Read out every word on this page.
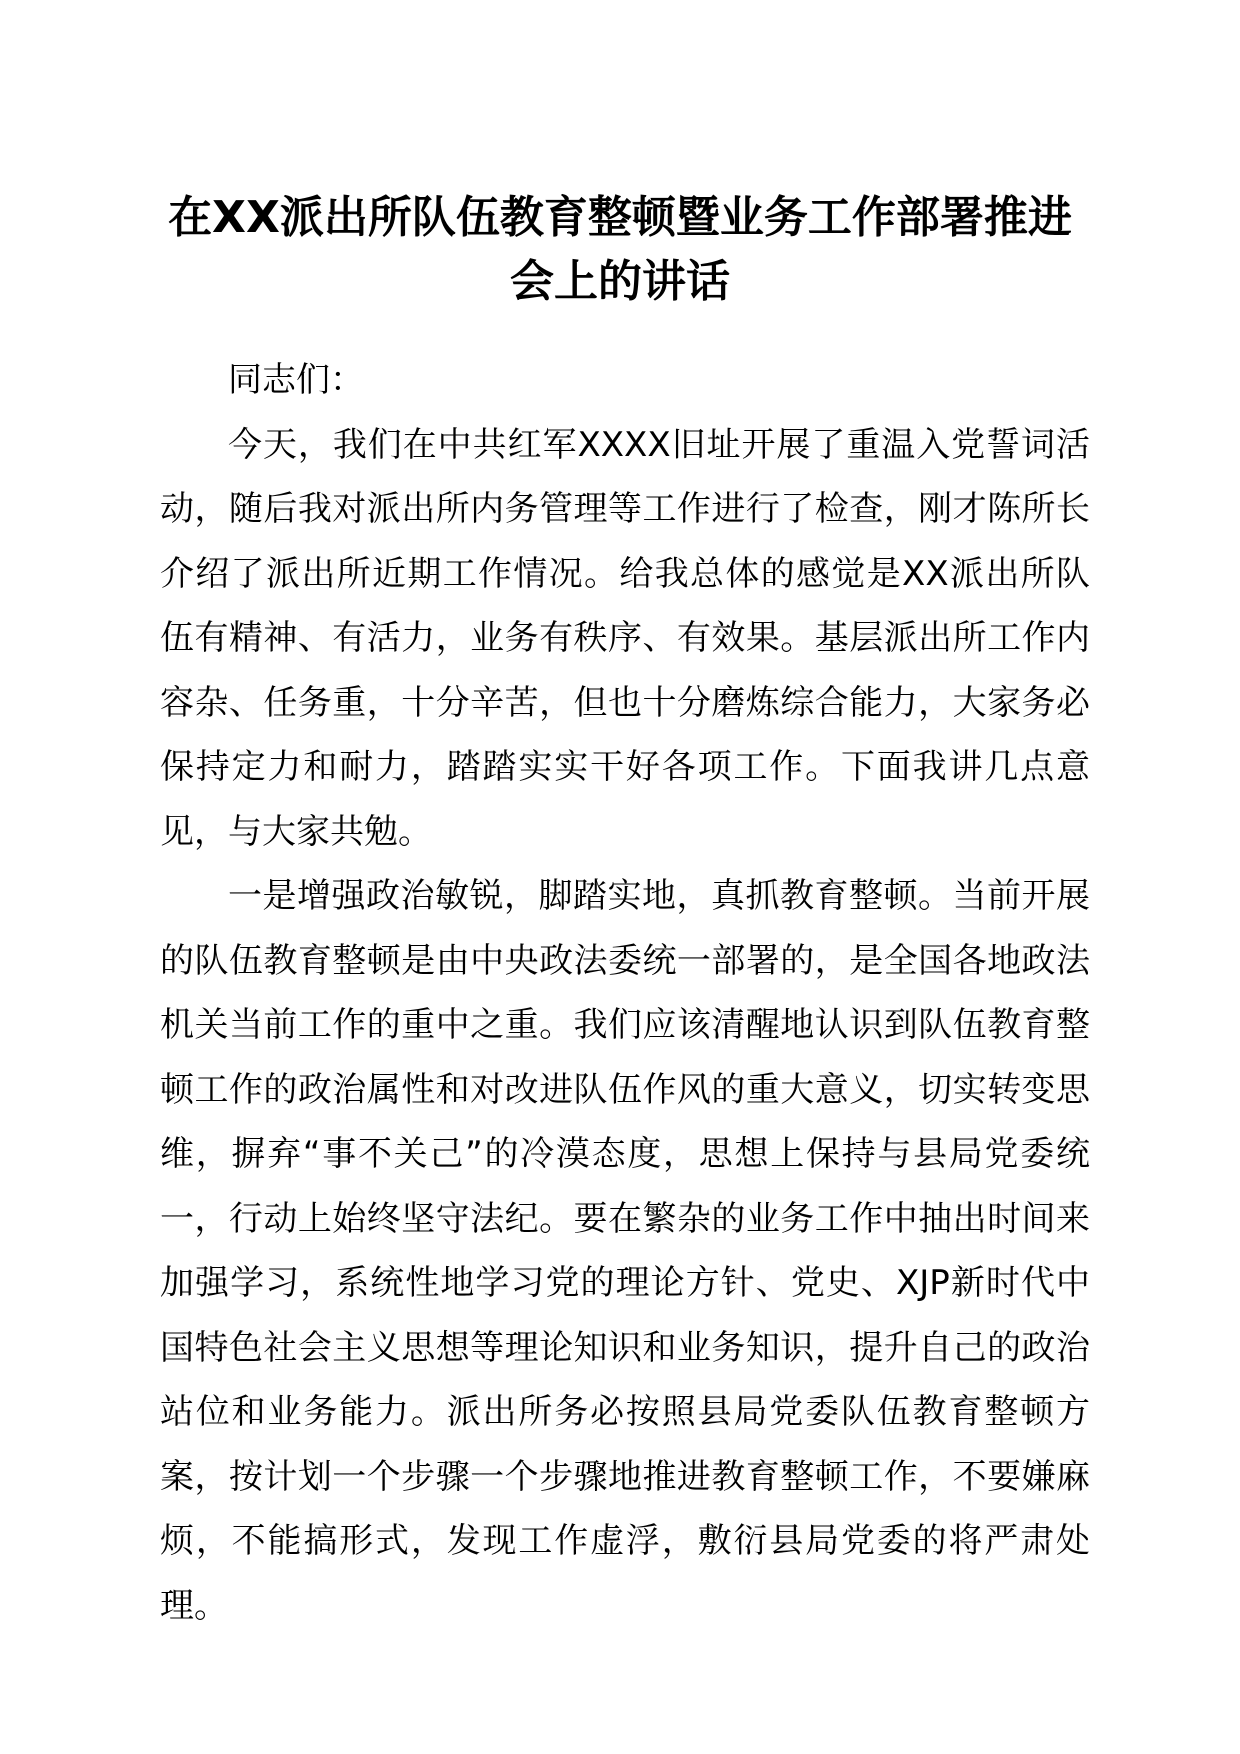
在XX派出所队伍教育整顿暨业务工作部署推进会上的讲话

同志们：

今天，我们在中共红军XXXX旧址开展了重温入党誓词活动，随后我对派出所内务管理等工作进行了检查，刚才陈所长介绍了派出所近期工作情况。给我总体的感觉是XX派出所队伍有精神、有活力，业务有秩序、有效果。基层派出所工作内容杂、任务重，十分辛苦，但也十分磨炼综合能力，大家务必保持定力和耐力，踏踏实实干好各项工作。下面我讲几点意见，与大家共勉。

一是增强政治敏锐，脚踏实地，真抓教育整顿。当前开展的队伍教育整顿是由中央政法委统一部署的，是全国各地政法机关当前工作的重中之重。我们应该清醒地认识到队伍教育整顿工作的政治属性和对改进队伍作风的重大意义，切实转变思维，摒弃“事不关己”的冷漠态度，思想上保持与县局党委统一，行动上始终坚守法纪。要在繁杂的业务工作中抽出时间来加强学习，系统性地学习党的理论方针、党史、XJP新时代中国特色社会主义思想等理论知识和业务知识，提升自己的政治站位和业务能力。派出所务必按照县局党委队伍教育整顿方案，按计划一个步骤一个步骤地推进教育整顿工作，不要嫌麻烦，不能搞形式，发现工作虚浮，敷衍县局党委的将严肃处理。
